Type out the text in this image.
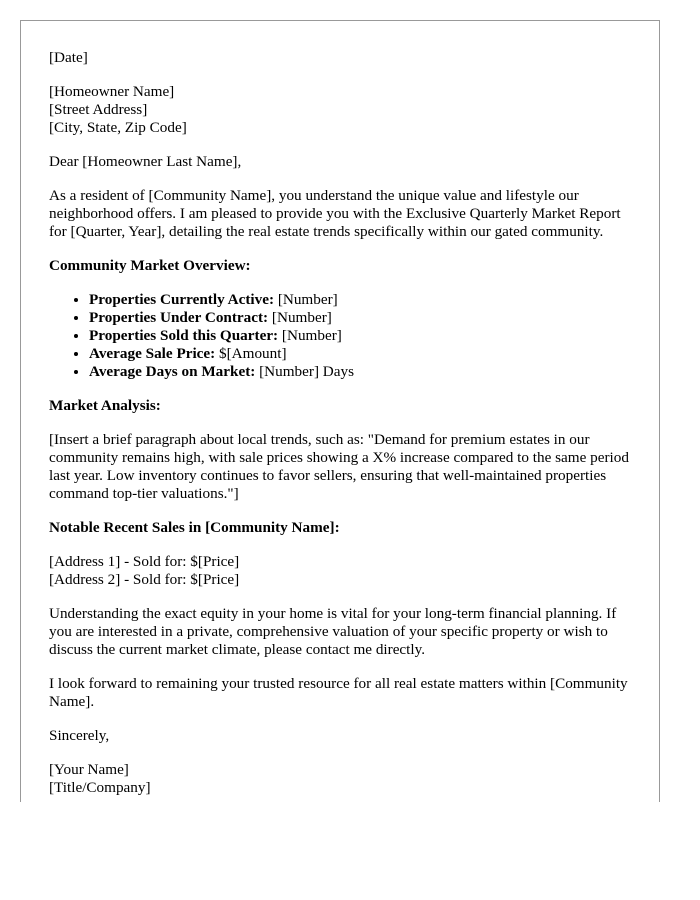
[Date]

[Homeowner Name]
[Street Address]
[City, State, Zip Code]

Dear [Homeowner Last Name],

As a resident of [Community Name], you understand the unique value and lifestyle our neighborhood offers. I am pleased to provide you with the Exclusive Quarterly Market Report for [Quarter, Year], detailing the real estate trends specifically within our gated community.

Community Market Overview:
• Properties Currently Active: [Number]
• Properties Under Contract: [Number]
• Properties Sold this Quarter: [Number]
• Average Sale Price: $[Amount]
• Average Days on Market: [Number] Days
Market Analysis:

[Insert a brief paragraph about local trends, such as: "Demand for premium estates in our community remains high, with sale prices showing a X% increase compared to the same period last year. Low inventory continues to favor sellers, ensuring that well-maintained properties command top-tier valuations."]

Notable Recent Sales in [Community Name]:
[Address 1] - Sold for: $[Price]
[Address 2] - Sold for: $[Price]

Understanding the exact equity in your home is vital for your long-term financial planning. If you are interested in a private, comprehensive valuation of your specific property or wish to discuss the current market climate, please contact me directly.

I look forward to remaining your trusted resource for all real estate matters within [Community Name].

Sincerely,

[Your Name]
[Title/Company]
